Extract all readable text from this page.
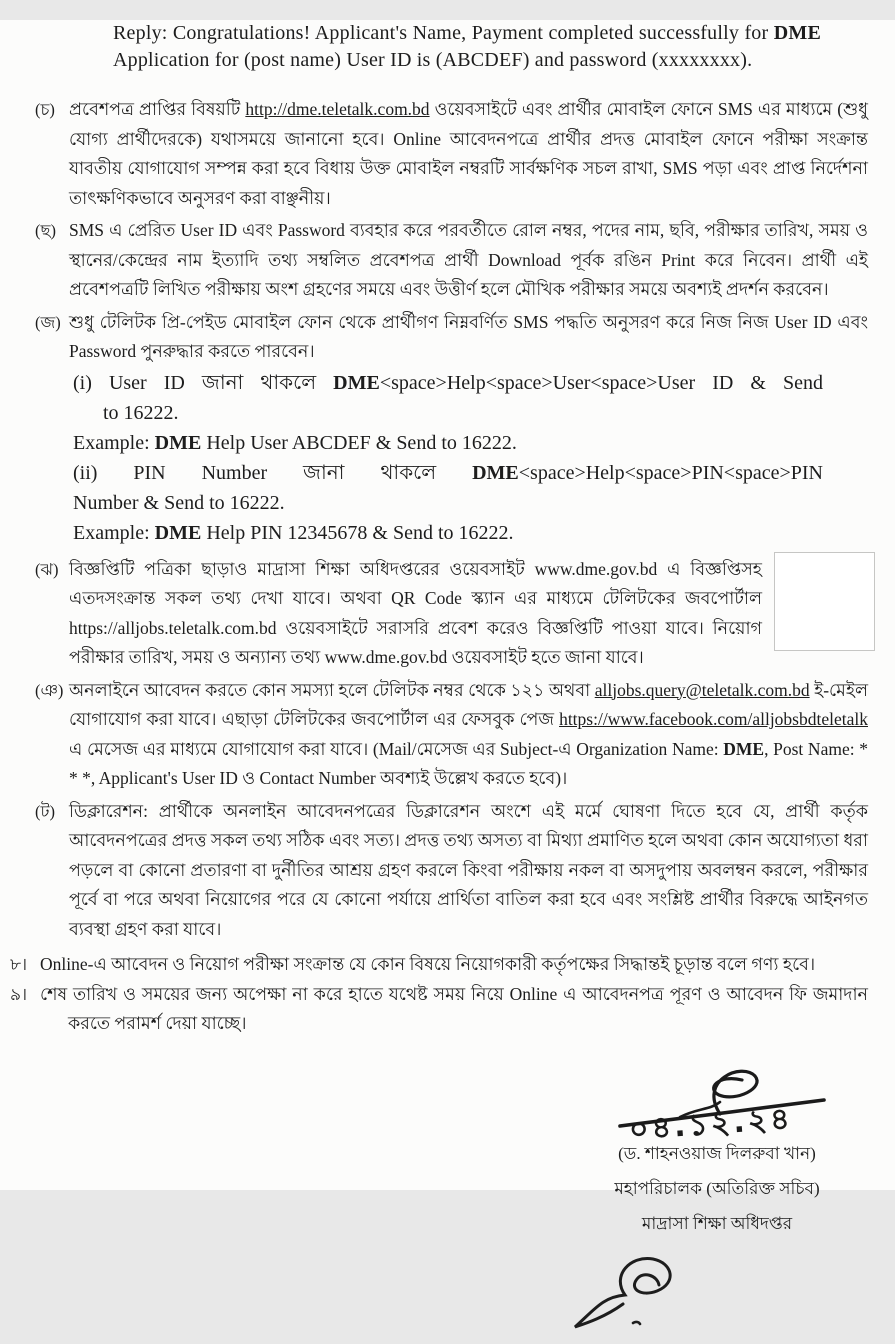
Reply: Congratulations! Applicant's Name, Payment completed successfully for DME Application for (post name) User ID is (ABCDEF) and password (xxxxxxxx).

(চ) প্রবেশপত্র প্রাপ্তির বিষয়টি http://dme.teletalk.com.bd ওয়েবসাইটে এবং প্রার্থীর মোবাইল ফোনে SMS এর মাধ্যমে (শুধু যোগ্য প্রার্থীদেরকে) যথাসময়ে জানানো হবে। Online আবেদনপত্রে প্রার্থীর প্রদত্ত মোবাইল ফোনে পরীক্ষা সংক্রান্ত যাবতীয় যোগাযোগ সম্পন্ন করা হবে বিধায় উক্ত মোবাইল নম্বরটি সার্বক্ষণিক সচল রাখা, SMS পড়া এবং প্রাপ্ত নির্দেশনা তাৎক্ষণিকভাবে অনুসরণ করা বাঞ্ছনীয়।
(ছ) SMS এ প্রেরিত User ID এবং Password ব্যবহার করে পরবর্তীতে রোল নম্বর, পদের নাম, ছবি, পরীক্ষার তারিখ, সময় ও স্থানের/কেন্দ্রের নাম ইত্যাদি তথ্য সম্বলিত প্রবেশপত্র প্রার্থী Download পূর্বক রঙিন Print করে নিবেন। প্রার্থী এই প্রবেশপত্রটি লিখিত পরীক্ষায় অংশ গ্রহণের সময়ে এবং উত্তীর্ণ হলে মৌখিক পরীক্ষার সময়ে অবশ্যই প্রদর্শন করবেন।
(জ) শুধু টেলিটক প্রি-পেইড মোবাইল ফোন থেকে প্রার্থীগণ নিম্নবর্ণিত SMS পদ্ধতি অনুসরণ করে নিজ নিজ User ID এবং Password পুনরুদ্ধার করতে পারবেন।
(i) User ID জানা থাকলে DME<space>Help<space>User<space>User ID & Send
to 16222.
Example: DME Help User ABCDEF & Send to 16222.
(ii) PIN Number জানা থাকলে DME<space>Help<space>PIN<space>PIN
Number & Send to 16222.
Example: DME Help PIN 12345678 & Send to 16222.
(ঝ) বিজ্ঞপ্তিটি পত্রিকা ছাড়াও মাদ্রাসা শিক্ষা অধিদপ্তরের ওয়েবসাইট www.dme.gov.bd এ বিজ্ঞপ্তিসহ এতদসংক্রান্ত সকল তথ্য দেখা যাবে। অথবা QR Code স্ক্যান এর মাধ্যমে টেলিটকের জবপোর্টাল https://alljobs.teletalk.com.bd ওয়েবসাইটে সরাসরি প্রবেশ করেও বিজ্ঞপ্তিটি পাওয়া যাবে। নিয়োগ পরীক্ষার তারিখ, সময় ও অন্যান্য তথ্য www.dme.gov.bd ওয়েবসাইট হতে জানা যাবে।
(ঞ) অনলাইনে আবেদন করতে কোন সমস্যা হলে টেলিটক নম্বর থেকে ১২১ অথবা alljobs.query@teletalk.com.bd ই-মেইল যোগাযোগ করা যাবে। এছাড়া টেলিটকের জবপোর্টাল এর ফেসবুক পেজ https://www.facebook.com/alljobsbdteletalk এ মেসেজ এর মাধ্যমে যোগাযোগ করা যাবে। (Mail/মেসেজ এর Subject-এ Organization Name: DME, Post Name: * * *, Applicant's User ID ও Contact Number অবশ্যই উল্লেখ করতে হবে)।
(ট) ডিক্লারেশন: প্রার্থীকে অনলাইন আবেদনপত্রের ডিক্লারেশন অংশে এই মর্মে ঘোষণা দিতে হবে যে, প্রার্থী কর্তৃক আবেদনপত্রের প্রদত্ত সকল তথ্য সঠিক এবং সত্য। প্রদত্ত তথ্য অসত্য বা মিথ্যা প্রমাণিত হলে অথবা কোন অযোগ্যতা ধরা পড়লে বা কোনো প্রতারণা বা দুর্নীতির আশ্রয় গ্রহণ করলে কিংবা পরীক্ষায় নকল বা অসদুপায় অবলম্বন করলে, পরীক্ষার পূর্বে বা পরে অথবা নিয়োগের পরে যে কোনো পর্যায়ে প্রার্থিতা বাতিল করা হবে এবং সংশ্লিষ্ট প্রার্থীর বিরুদ্ধে আইনগত ব্যবস্থা গ্রহণ করা যাবে।
৮। Online-এ আবেদন ও নিয়োগ পরীক্ষা সংক্রান্ত যে কোন বিষয়ে নিয়োগকারী কর্তৃপক্ষের সিদ্ধান্তই চূড়ান্ত বলে গণ্য হবে।
৯। শেষ তারিখ ও সময়ের জন্য অপেক্ষা না করে হাতে যথেষ্ট সময় নিয়ে Online এ আবেদনপত্র পূরণ ও আবেদন ফি জমাদান করতে পরামর্শ দেয়া যাচ্ছে।
০৪.১২.২৪
(ড. শাহনওয়াজ দিলরুবা খান)
মহাপরিচালক (অতিরিক্ত সচিব)
মাদ্রাসা শিক্ষা অধিদপ্তর
